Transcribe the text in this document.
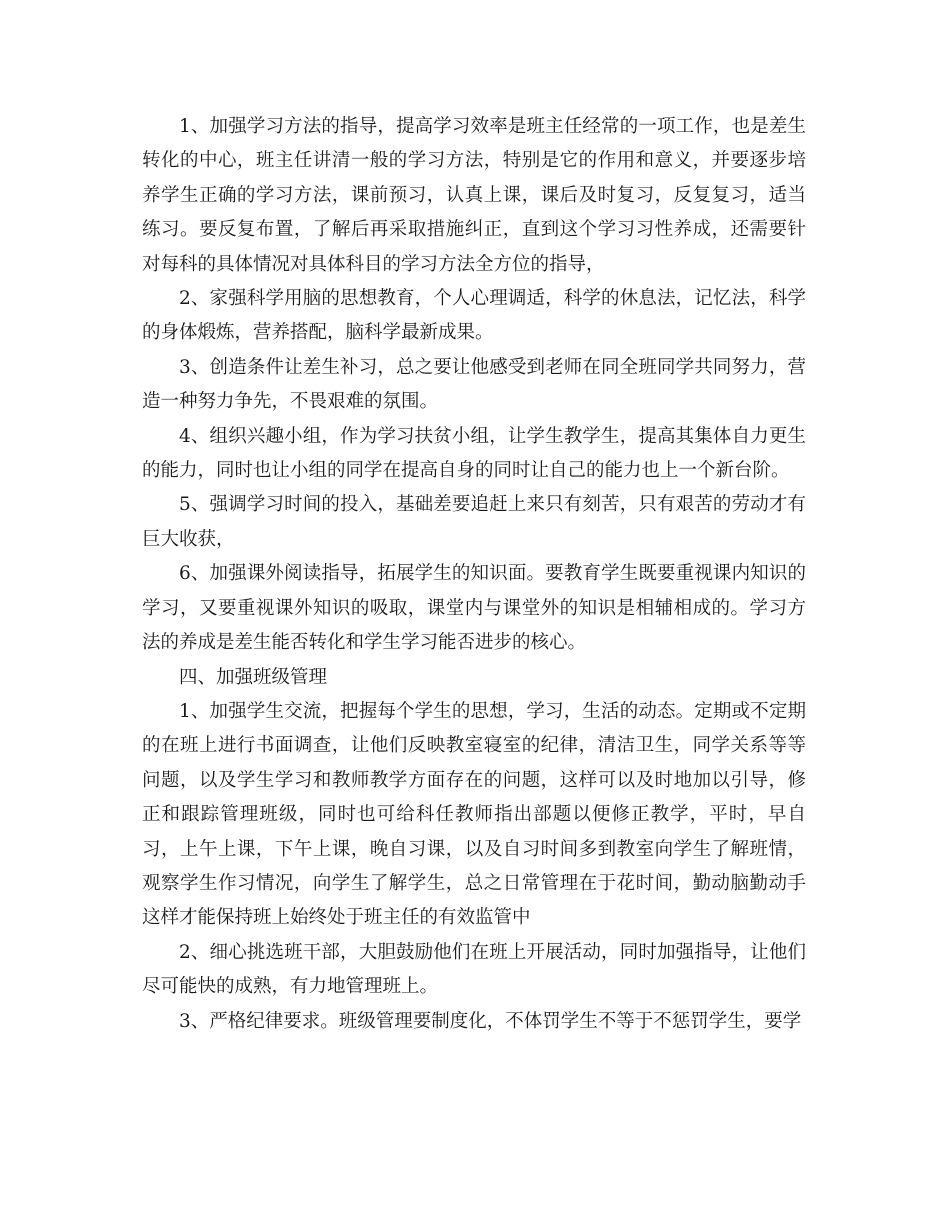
1、加强学习方法的指导，提高学习效率是班主任经常的一项工作，也是差生转化的中心，班主任讲清一般的学习方法，特别是它的作用和意义，并要逐步培养学生正确的学习方法，课前预习，认真上课，课后及时复习，反复复习，适当练习。要反复布置，了解后再采取措施纠正，直到这个学习习性养成，还需要针对每科的具体情况对具体科目的学习方法全方位的指导，

2、家强科学用脑的思想教育，个人心理调适，科学的休息法，记忆法，科学的身体煅炼，营养搭配，脑科学最新成果。

3、创造条件让差生补习，总之要让他感受到老师在同全班同学共同努力，营造一种努力争先，不畏艰难的氛围。

4、组织兴趣小组，作为学习扶贫小组，让学生教学生，提高其集体自力更生的能力，同时也让小组的同学在提高自身的同时让自己的能力也上一个新台阶。

5、强调学习时间的投入，基础差要追赶上来只有刻苦，只有艰苦的劳动才有巨大收获，

6、加强课外阅读指导，拓展学生的知识面。要教育学生既要重视课内知识的学习，又要重视课外知识的吸取，课堂内与课堂外的知识是相辅相成的。学习方法的养成是差生能否转化和学生学习能否进步的核心。

四、加强班级管理

1、加强学生交流，把握每个学生的思想，学习，生活的动态。定期或不定期的在班上进行书面调查，让他们反映教室寝室的纪律，清洁卫生，同学关系等等问题，以及学生学习和教师教学方面存在的问题，这样可以及时地加以引导，修正和跟踪管理班级，同时也可给科任教师指出部题以便修正教学，平时，早自习，上午上课，下午上课，晚自习课，以及自习时间多到教室向学生了解班情，观察学生作习情况，向学生了解学生，总之日常管理在于花时间，勤动脑勤动手这样才能保持班上始终处于班主任的有效监管中

2、细心挑选班干部，大胆鼓励他们在班上开展活动，同时加强指导，让他们尽可能快的成熟，有力地管理班上。

3、严格纪律要求。班级管理要制度化，不体罚学生不等于不惩罚学生，要学
